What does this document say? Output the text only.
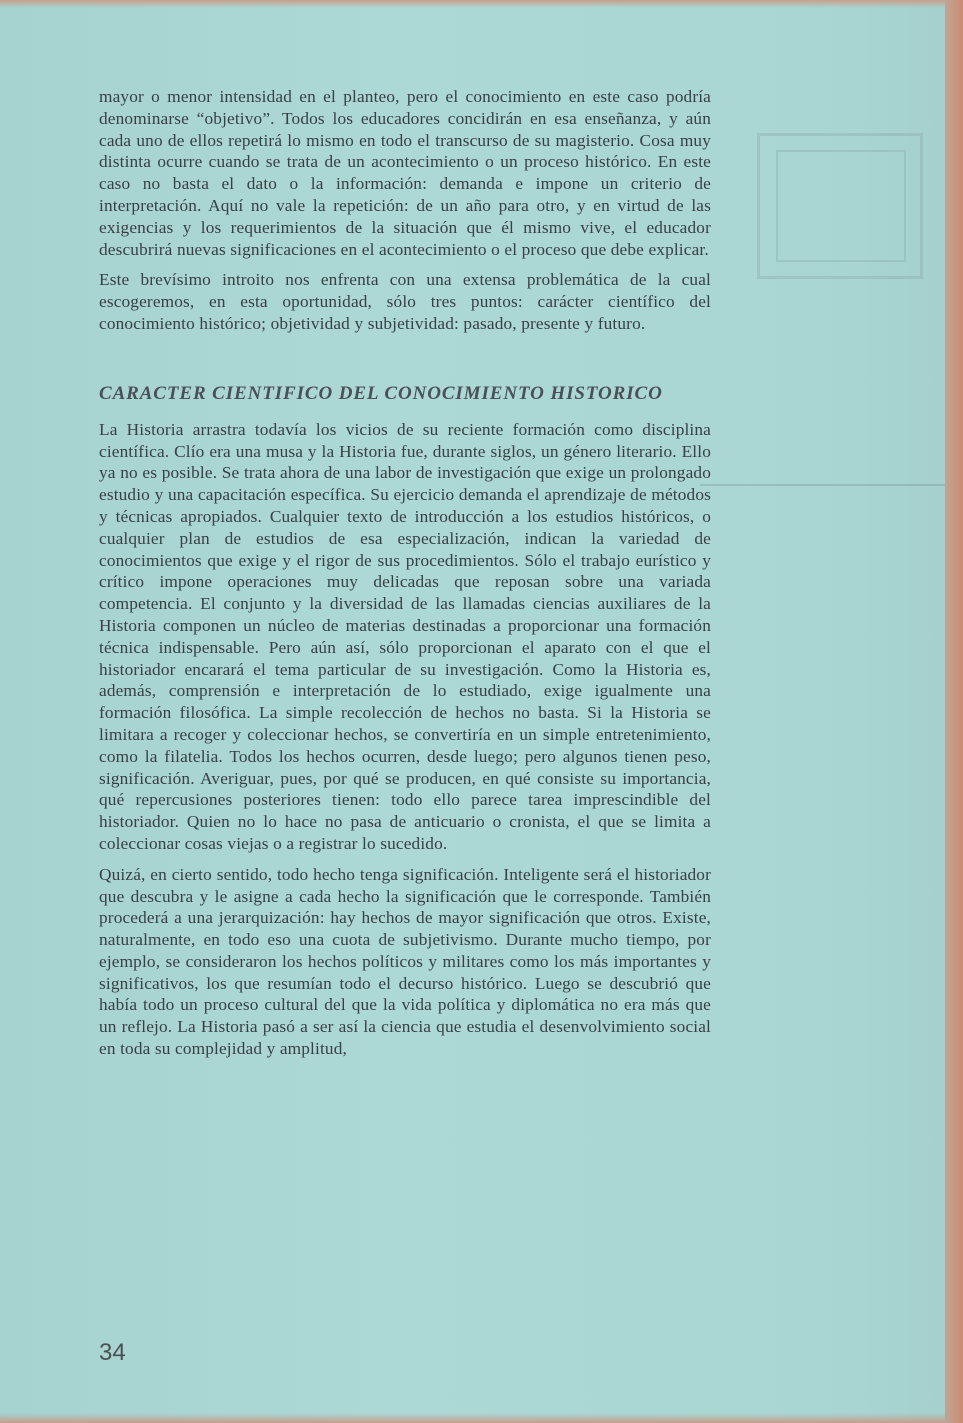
mayor o menor intensidad en el planteo, pero el conocimiento en este caso podría denominarse “objetivo”. Todos los educadores concidirán en esa enseñanza, y aún cada uno de ellos repetirá lo mismo en todo el transcurso de su magisterio. Cosa muy distinta ocurre cuando se trata de un acontecimiento o un proceso histórico. En este caso no basta el dato o la información: demanda e impone un criterio de interpretación. Aquí no vale la repetición: de un año para otro, y en virtud de las exigencias y los requerimientos de la situación que él mismo vive, el educador descubrirá nuevas significaciones en el acontecimiento o el proceso que debe explicar.

Este brevísimo introito nos enfrenta con una extensa problemática de la cual escogeremos, en esta oportunidad, sólo tres puntos: carácter científico del conocimiento histórico; objetividad y subjetividad: pasado, presente y futuro.

CARACTER CIENTIFICO DEL CONOCIMIENTO HISTORICO

La Historia arrastra todavía los vicios de su reciente formación como disciplina científica. Clío era una musa y la Historia fue, durante siglos, un género literario. Ello ya no es posible. Se trata ahora de una labor de investigación que exige un prolongado estudio y una capacitación específica. Su ejercicio demanda el aprendizaje de métodos y técnicas apropiados. Cualquier texto de introducción a los estudios históricos, o cualquier plan de estudios de esa especialización, indican la variedad de conocimientos que exige y el rigor de sus procedimientos. Sólo el trabajo eurístico y crítico impone operaciones muy delicadas que reposan sobre una variada competencia. El conjunto y la diversidad de las llamadas ciencias auxiliares de la Historia componen un núcleo de materias destinadas a proporcionar una formación técnica indispensable. Pero aún así, sólo proporcionan el aparato con el que el historiador encarará el tema particular de su investigación. Como la Historia es, además, comprensión e interpretación de lo estudiado, exige igualmente una formación filosófica. La simple recolección de hechos no basta. Si la Historia se limitara a recoger y coleccionar hechos, se convertiría en un simple entretenimiento, como la filatelia. Todos los hechos ocurren, desde luego; pero algunos tienen peso, significación. Averiguar, pues, por qué se producen, en qué consiste su importancia, qué repercusiones posteriores tienen: todo ello parece tarea imprescindible del historiador. Quien no lo hace no pasa de anticuario o cronista, el que se limita a coleccionar cosas viejas o a registrar lo sucedido.

Quizá, en cierto sentido, todo hecho tenga significación. Inteligente será el historiador que descubra y le asigne a cada hecho la significación que le corresponde. También procederá a una jerarquización: hay hechos de mayor significación que otros. Existe, naturalmente, en todo eso una cuota de subjetivismo. Durante mucho tiempo, por ejemplo, se consideraron los hechos políticos y militares como los más importantes y significativos, los que resumían todo el decurso histórico. Luego se descubrió que había todo un proceso cultural del que la vida política y diplomática no era más que un reflejo. La Historia pasó a ser así la ciencia que estudia el desenvolvimiento social en toda su complejidad y amplitud,

34
